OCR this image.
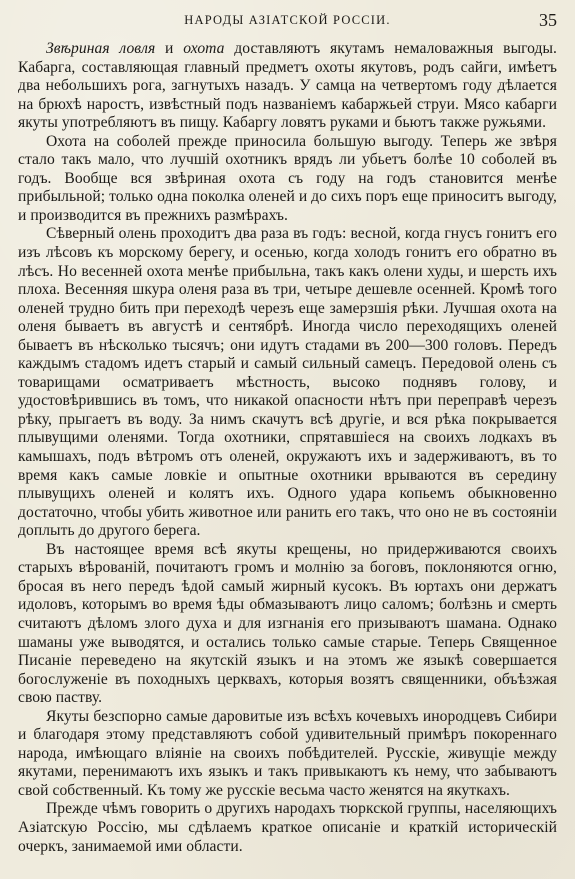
НАРОДЫ АЗІАТСКОЙ РОССІИ.	35

Звѣриная ловля и охота доставляютъ якутамъ немаловажныя выгоды. Кабарга, составляющая главный предметъ охоты якутовъ, родъ сайги, имѣетъ два небольшихъ рога, загнутыхъ назадъ. У самца на четвертомъ году дѣлается на брюхѣ наростъ, извѣстный подъ названіемъ кабаржьей струи. Мясо кабарги якуты употребляютъ въ пищу. Кабаргу ловятъ руками и бьютъ также ружьями.

Охота на соболей прежде приносила большую выгоду. Теперь же звѣря стало такъ мало, что лучшій охотникъ врядъ ли убьетъ болѣе 10 соболей въ годъ. Вообще вся звѣриная охота съ году на годъ становится менѣе прибыльной; только одна поколка оленей и до сихъ поръ еще приноситъ выгоду, и производится въ прежнихъ размѣрахъ.

Сѣверный олень проходитъ два раза въ годъ: весной, когда гнусъ гонитъ его изъ лѣсовъ къ морскому берегу, и осенью, когда холодъ гонитъ его обратно въ лѣсъ. Но весенней охота менѣе прибыльна, такъ какъ олени худы, и шерсть ихъ плоха. Весенняя шкура оленя раза въ три, четыре дешевле осенней. Кромѣ того оленей трудно бить при переходѣ черезъ еще замерзшія рѣки. Лучшая охота на оленя бываетъ въ августѣ и сентябрѣ. Иногда число переходящихъ оленей бываетъ въ нѣсколько тысячъ; они идутъ стадами въ 200—300 головъ. Передъ каждымъ стадомъ идетъ старый и самый сильный самецъ. Передовой олень съ товарищами осматриваетъ мѣстность, высоко поднявъ голову, и удостовѣрившись въ томъ, что никакой опасности нѣтъ при переправѣ черезъ рѣку, прыгаетъ въ воду. За нимъ скачутъ всѣ другіе, и вся рѣка покрывается плывущими оленями. Тогда охотники, спрятавшіеся на своихъ лодкахъ въ камышахъ, подъ вѣтромъ отъ оленей, окружаютъ ихъ и задерживаютъ, въ то время какъ самые ловкіе и опытные охотники врываются въ середину плывущихъ оленей и колятъ ихъ. Одного удара копьемъ обыкновенно достаточно, чтобы убить животное или ранить его такъ, что оно не въ состояніи доплыть до другого берега.

Въ настоящее время всѣ якуты крещены, но придерживаются своихъ старыхъ вѣрованій, почитаютъ громъ и молнію за боговъ, поклоняются огню, бросая въ него передъ ѣдой самый жирный кусокъ. Въ юртахъ они держатъ идоловъ, которымъ во время ѣды обмазываютъ лицо саломъ; болѣзнь и смерть считаютъ дѣломъ злого духа и для изгнанія его призываютъ шамана. Однако шаманы уже выводятся, и остались только самые старые. Теперь Священное Писаніе переведено на якутскій языкъ и на этомъ же языкѣ совершается богослуженіе въ походныхъ церквахъ, которыя возятъ священники, объѣзжая свою паству.

Якуты безспорно самые даровитые изъ всѣхъ кочевыхъ инородцевъ Сибири и благодаря этому представляютъ собой удивительный примѣръ покореннаго народа, имѣющаго вліяніе на своихъ побѣдителей. Русскіе, живущіе между якутами, перенимаютъ ихъ языкъ и такъ привыкаютъ къ нему, что забываютъ свой собственный. Къ тому же русскіе весьма часто женятся на якуткахъ.

Прежде чѣмъ говорить о другихъ народахъ тюркской группы, населяющихъ Азіатскую Россію, мы сдѣлаемъ краткое описаніе и краткій историческій очеркъ, занимаемой ими области.
